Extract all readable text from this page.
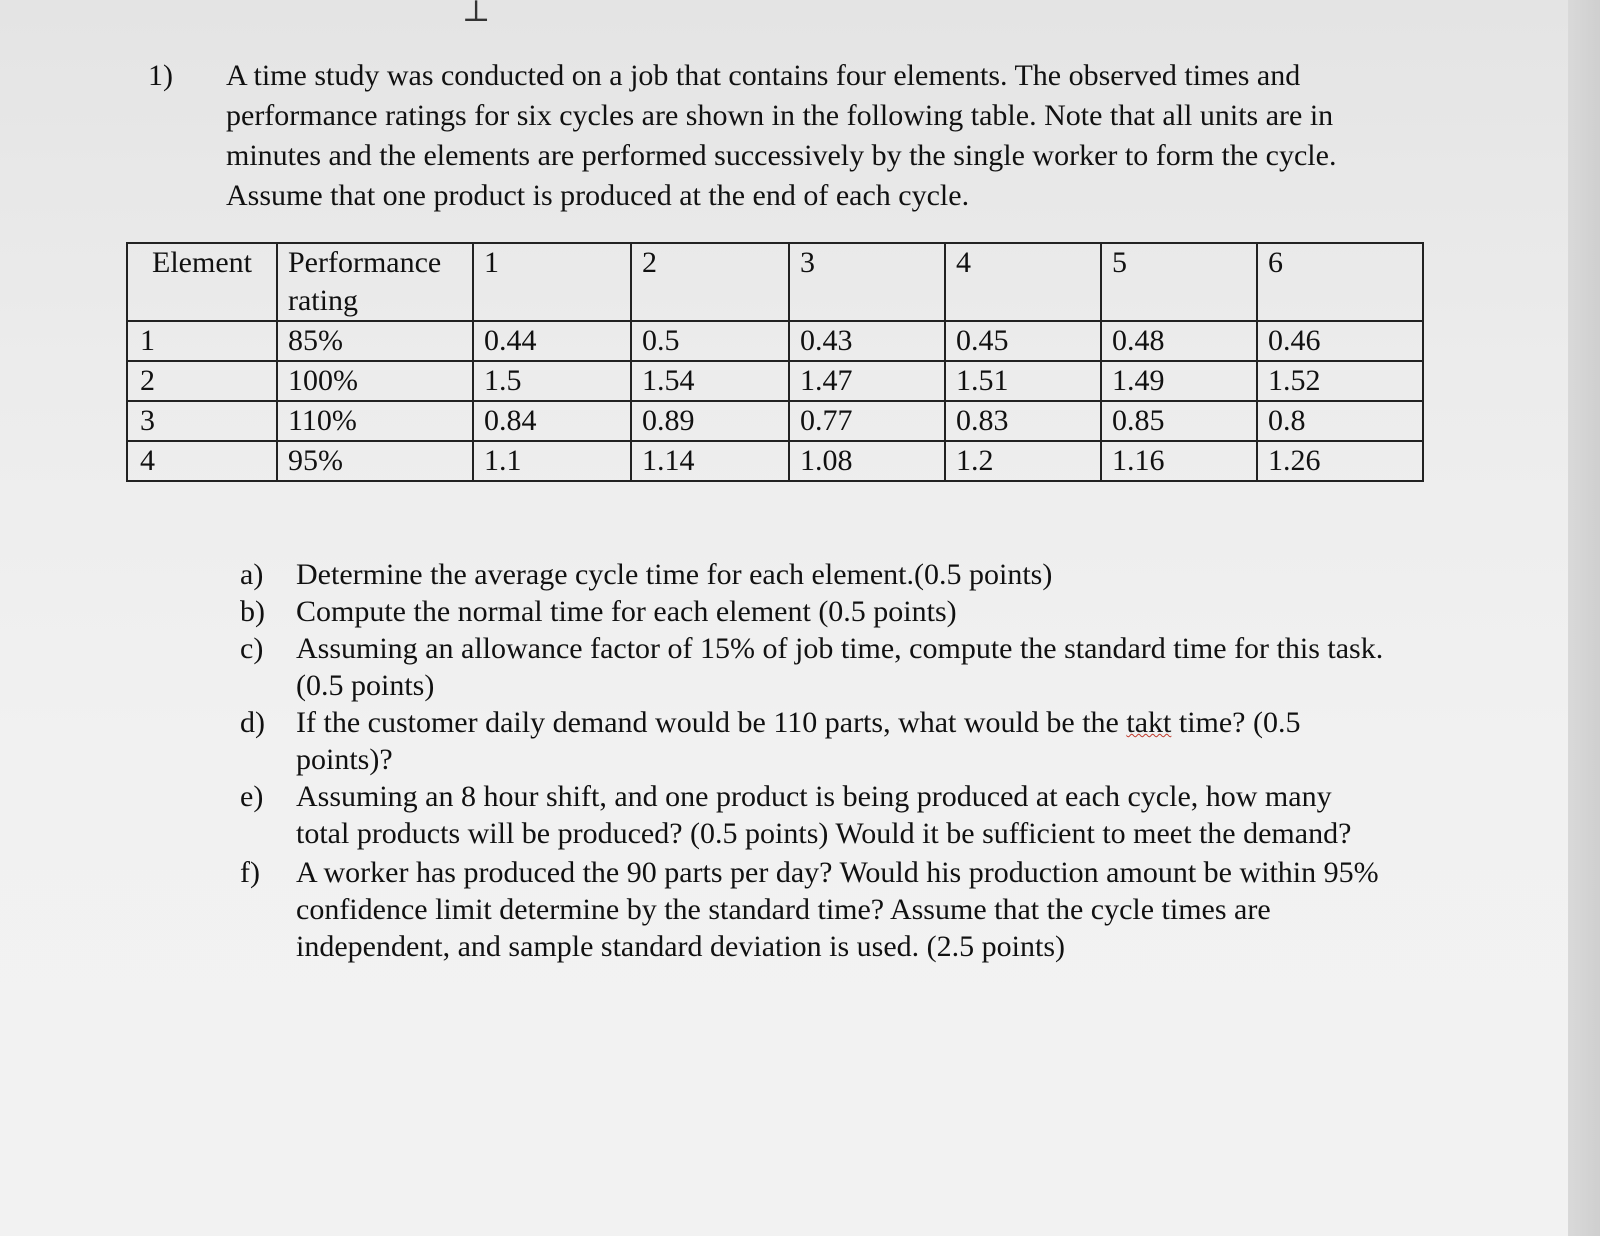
⊥
1) A time study was conducted on a job that contains four elements. The observed times and performance ratings for six cycles are shown in the following table. Note that all units are in minutes and the elements are performed successively by the single worker to form the cycle. Assume that one product is produced at the end of each cycle.
Element	Performance rating	1	2	3	4	5	6
1	85%	0.44	0.5	0.43	0.45	0.48	0.46
2	100%	1.5	1.54	1.47	1.51	1.49	1.52
3	110%	0.84	0.89	0.77	0.83	0.85	0.8
4	95%	1.1	1.14	1.08	1.2	1.16	1.26
a) Determine the average cycle time for each element.(0.5 points)
b) Compute the normal time for each element (0.5 points)
c) Assuming an allowance factor of 15% of job time, compute the standard time for this task. (0.5 points)
d) If the customer daily demand would be 110 parts, what would be the takt time? (0.5 points)?
e) Assuming an 8 hour shift, and one product is being produced at each cycle, how many total products will be produced? (0.5 points) Would it be sufficient to meet the demand?
f) A worker has produced the 90 parts per day? Would his production amount be within 95% confidence limit determine by the standard time? Assume that the cycle times are independent, and sample standard deviation is used. (2.5 points)
